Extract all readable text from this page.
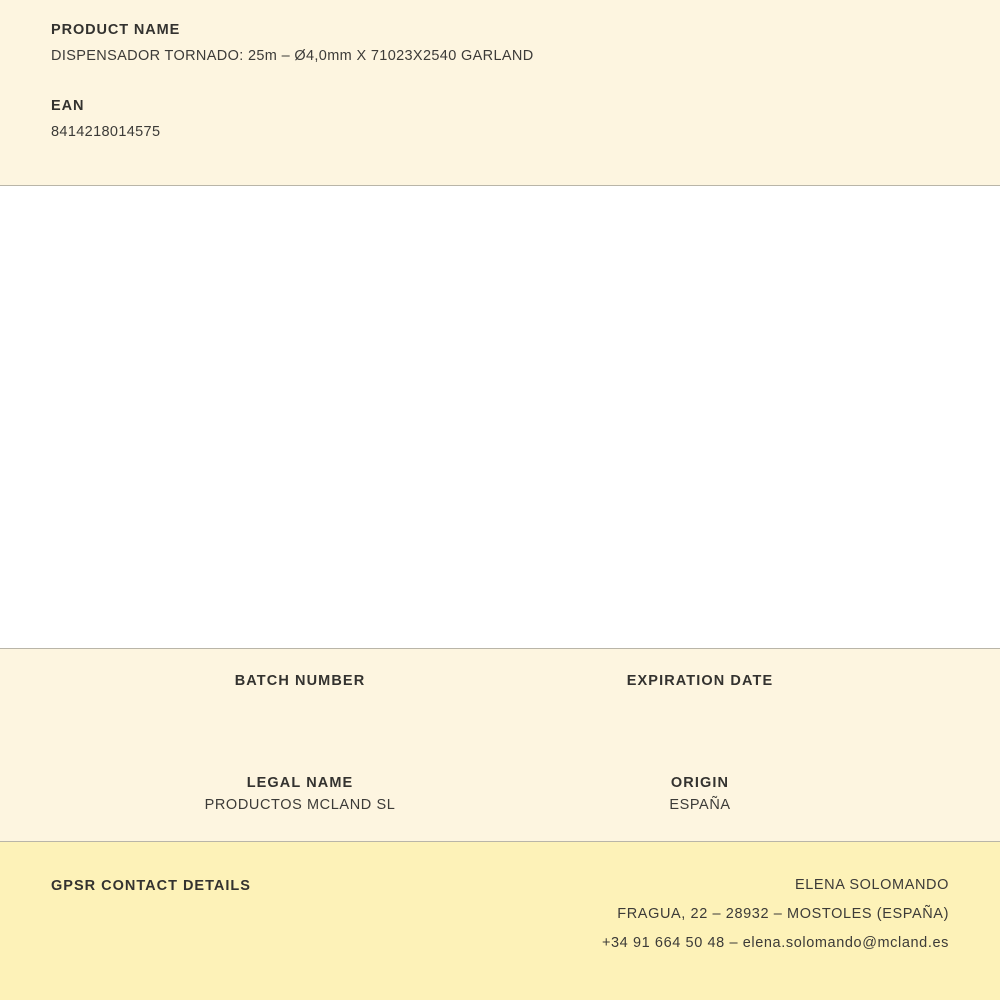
PRODUCT NAME

DISPENSADOR TORNADO: 25m – Ø4,0mm X 71023X2540 GARLAND

EAN

8414218014575

BATCH NUMBER	EXPIRATION DATE

LEGAL NAME

PRODUCTOS MCLAND SL

ORIGIN

ESPAÑA

GPSR CONTACT DETAILS	ELENA SOLOMANDO

FRAGUA, 22 – 28932 – MOSTOLES (ESPAÑA)

+34 91 664 50 48 – elena.solomando@mcland.es
